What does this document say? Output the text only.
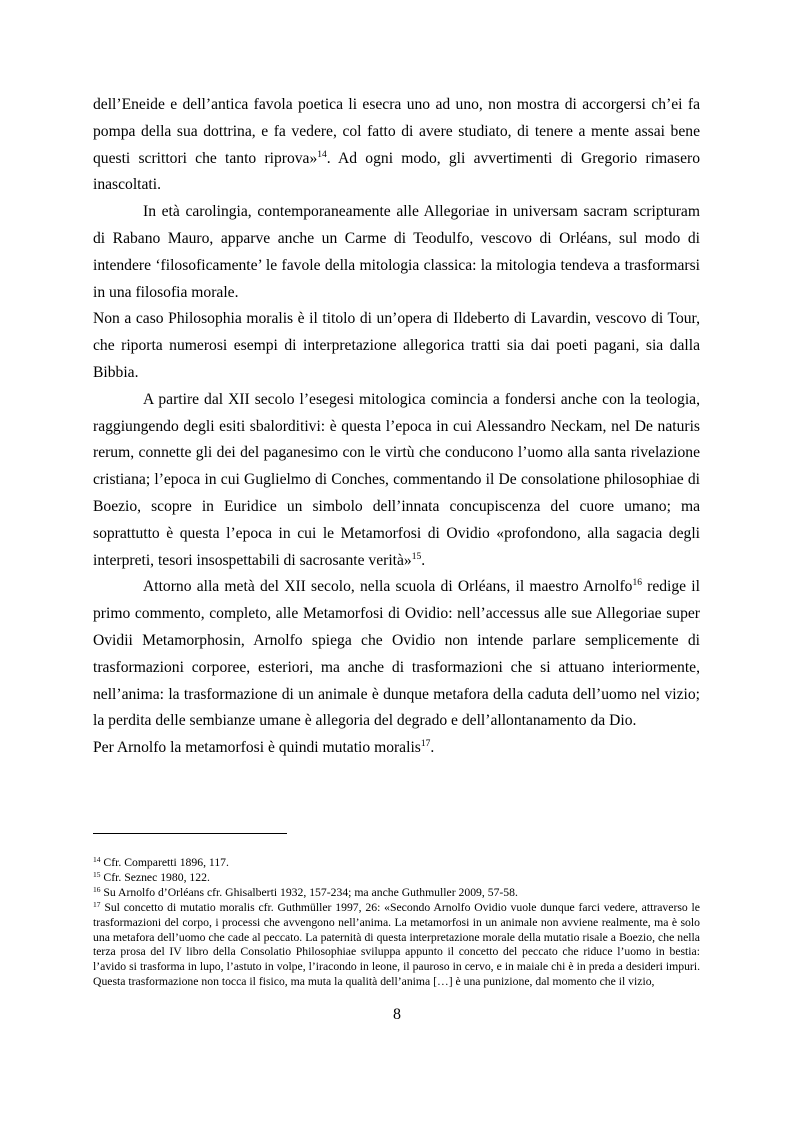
dell’Eneide e dell’antica favola poetica li esecra uno ad uno, non mostra di accorgersi ch’ei fa pompa della sua dottrina, e fa vedere, col fatto di avere studiato, di tenere a mente assai bene questi scrittori che tanto riprova»$^{14}$. Ad ogni modo, gli avvertimenti di Gregorio rimasero inascoltati.

In età carolingia, contemporaneamente alle Allegoriae in universam sacram scripturam di Rabano Mauro, apparve anche un Carme di Teodulfo, vescovo di Orléans, sul modo di intendere ‘filosoficamente’ le favole della mitologia classica: la mitologia tendeva a trasformarsi in una filosofia morale.

Non a caso Philosophia moralis è il titolo di un’opera di Ildeberto di Lavardin, vescovo di Tour, che riporta numerosi esempi di interpretazione allegorica tratti sia dai poeti pagani, sia dalla Bibbia.

A partire dal XII secolo l’esegesi mitologica comincia a fondersi anche con la teologia, raggiungendo degli esiti sbalorditivi: è questa l’epoca in cui Alessandro Neckam, nel De naturis rerum, connette gli dei del paganesimo con le virtù che conducono l’uomo alla santa rivelazione cristiana; l’epoca in cui Guglielmo di Conches, commentando il De consolatione philosophiae di Boezio, scopre in Euridice un simbolo dell’innata concupiscenza del cuore umano; ma soprattutto è questa l’epoca in cui le Metamorfosi di Ovidio «profondono, alla sagacia degli interpreti, tesori insospettabili di sacrosante verità»$^{15}$.

Attorno alla metà del XII secolo, nella scuola di Orléans, il maestro Arnolfo$^{16}$ redige il primo commento, completo, alle Metamorfosi di Ovidio: nell’accessus alle sue Allegoriae super Ovidii Metamorphosin, Arnolfo spiega che Ovidio non intende parlare semplicemente di trasformazioni corporee, esteriori, ma anche di trasformazioni che si attuano interiormente, nell’anima: la trasformazione di un animale è dunque metafora della caduta dell’uomo nel vizio; la perdita delle sembianze umane è allegoria del degrado e dell’allontanamento da Dio.

Per Arnolfo la metamorfosi è quindi mutatio moralis$^{17}$.

$^{14}$ Cfr. Comparetti 1896, 117.

$^{15}$ Cfr. Seznec 1980, 122.

$^{16}$ Su Arnolfo d’Orléans cfr. Ghisalberti 1932, 157-234; ma anche Guthmuller 2009, 57-58.

$^{17}$ Sul concetto di mutatio moralis cfr. Guthmüller 1997, 26: «Secondo Arnolfo Ovidio vuole dunque farci vedere, attraverso le trasformazioni del corpo, i processi che avvengono nell’anima. La metamorfosi in un animale non avviene realmente, ma è solo una metafora dell’uomo che cade al peccato. La paternità di questa interpretazione morale della mutatio risale a Boezio, che nella terza prosa del IV libro della Consolatio Philosophiae sviluppa appunto il concetto del peccato che riduce l’uomo in bestia: l’avido si trasforma in lupo, l’astuto in volpe, l’iracondo in leone, il pauroso in cervo, e in maiale chi è in preda a desideri impuri. Questa trasformazione non tocca il fisico, ma muta la qualità dell’anima […] è una punizione, dal momento che il vizio,

8
